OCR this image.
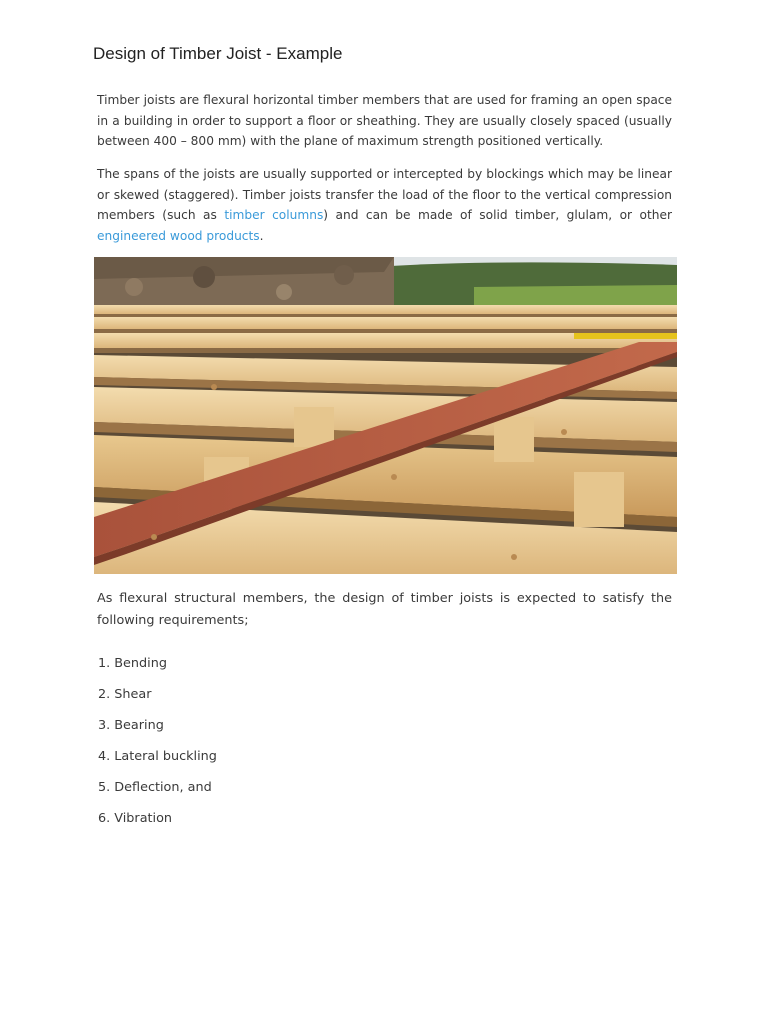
Design of Timber Joist - Example

Timber joists are flexural horizontal timber members that are used for framing an open space in a building in order to support a floor or sheathing. They are usually closely spaced (usually between 400 – 800 mm) with the plane of maximum strength positioned vertically.

The spans of the joists are usually supported or intercepted by blockings which may be linear or skewed (staggered). Timber joists transfer the load of the floor to the vertical compression members (such as timber columns) and can be made of solid timber, glulam, or other engineered wood products.

As flexural structural members, the design of timber joists is expected to satisfy the following requirements;

1. Bending
2. Shear
3. Bearing
4. Lateral buckling
5. Deflection, and
6. Vibration
